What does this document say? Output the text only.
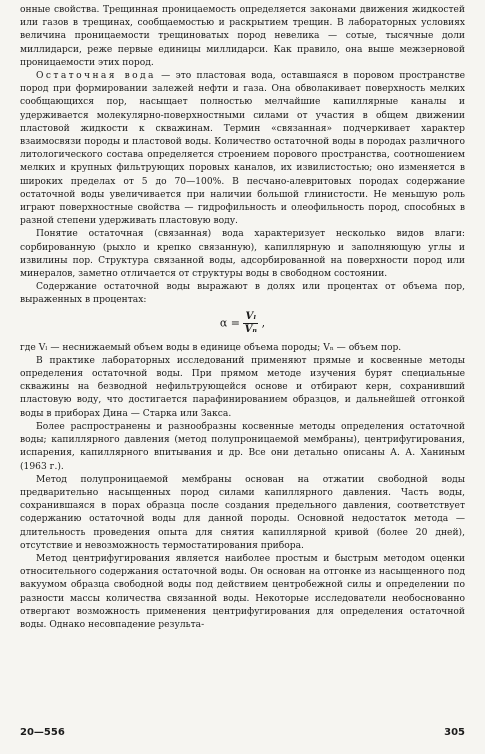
онные свойства. Трещинная проницаемость определяется законами движения жидкостей или газов в трещинах, сообщаемостью и раскрытием трещин. В лабораторных условиях величина проницаемости трещиноватых пород невелика — сотые, тысячные доли миллидарси, реже первые единицы миллидарси. Как правило, она выше межзерновой проницаемости этих пород.

Остаточная вода — это пластовая вода, оставшаяся в поровом пространстве пород при формировании залежей нефти и газа. Она обволакивает поверхность мелких сообщающихся пор, насыщает полностью мелчайшие капиллярные каналы и удерживается молекулярно-поверхностными силами от участия в общем движении пластовой жидкости к скважинам. Термин «связанная» подчеркивает характер взаимосвязи породы и пластовой воды. Количество остаточной воды в породах различного литологического состава определяется строением порового пространства, соотношением мелких и крупных фильтрующих поровых каналов, их извилистостью; оно изменяется в широких пределах от 5 до 70—100%. В песчано-алевритовых породах содержание остаточной воды увеличивается при наличии большой глинистости. Не меньшую роль играют поверхностные свойства — гидрофильность и олеофильность пород, способных в разной степени удерживать пластовую воду.

Понятие остаточная (связанная) вода характеризует несколько видов влаги: сорбированную (рыхло и крепко связанную), капиллярную и заполняющую углы и извилины пор. Структура связанной воды, адсорбированной на поверхности пород или минералов, заметно отличается от структуры воды в свободном состоянии.

Содержание остаточной воды выражают в долях или процентах от объема пор, выраженных в процентах:

$\alpha = \frac{\text{Vₗ}}{\text{Vₙ}}$ ,

где Vₗ — неснижаемый объем воды в единице объема породы; Vₙ — объем пор.

В практике лабораторных исследований применяют прямые и косвенные методы определения остаточной воды. При прямом методе изучения бурят специальные скважины на безводной нефильтрующейся основе и отбирают керн, сохранивший пластовую воду, что достигается парафинированием образцов, и дальнейшей отгонкой воды в приборах Дина — Старка или Закса.

Более распространены и разнообразны косвенные методы определения остаточной воды; капиллярного давления (метод полупроницаемой мембраны), центрифугирования, испарения, капиллярного впитывания и др. Все они детально описаны А. А. Ханиным (1963 г.).

Метод полупроницаемой мембраны основан на отжатии свободной воды предварительно насыщенных пород силами капиллярного давления. Часть воды, сохранившаяся в порах образца после создания предельного давления, соответствует содержанию остаточной воды для данной породы. Основной недостаток метода — длительность проведения опыта для снятия капиллярной кривой (более 20 дней), отсутствие и невозможность термостатирования прибора.

Метод центрифугирования является наиболее простым и быстрым методом оценки относительного содержания остаточной воды. Он основан на отгонке из насыщенного под вакуумом образца свободной воды под действием центробежной силы и определении по разности массы количества связанной воды. Некоторые исследователи необоснованно отвергают возможность применения центрифугирования для определения остаточной воды. Однако несовпадение результа-

20—556	305
